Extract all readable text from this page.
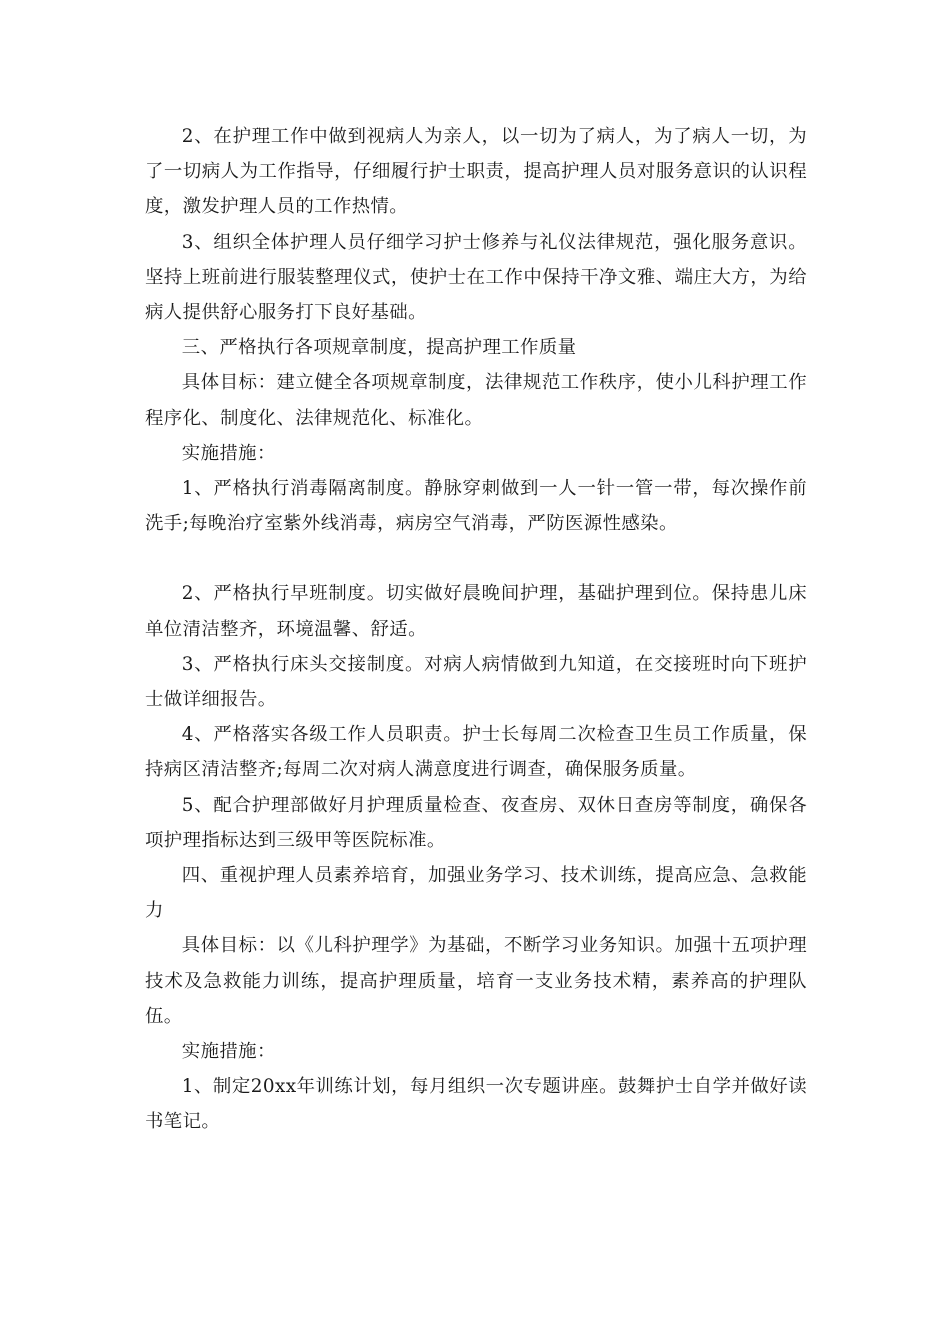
2、在护理工作中做到视病人为亲人，以一切为了病人，为了病人一切，为了一切病人为工作指导，仔细履行护士职责，提高护理人员对服务意识的认识程度，激发护理人员的工作热情。

3、组织全体护理人员仔细学习护士修养与礼仪法律规范，强化服务意识。坚持上班前进行服装整理仪式，使护士在工作中保持干净文雅、端庄大方，为给病人提供舒心服务打下良好基础。

三、严格执行各项规章制度，提高护理工作质量

具体目标：建立健全各项规章制度，法律规范工作秩序，使小儿科护理工作程序化、制度化、法律规范化、标准化。

实施措施：

1、严格执行消毒隔离制度。静脉穿刺做到一人一针一管一带，每次操作前洗手;每晚治疗室紫外线消毒，病房空气消毒，严防医源性感染。

2、严格执行早班制度。切实做好晨晚间护理，基础护理到位。保持患儿床单位清洁整齐，环境温馨、舒适。

3、严格执行床头交接制度。对病人病情做到九知道，在交接班时向下班护士做详细报告。

4、严格落实各级工作人员职责。护士长每周二次检查卫生员工作质量，保持病区清洁整齐;每周二次对病人满意度进行调查，确保服务质量。

5、配合护理部做好月护理质量检查、夜查房、双休日查房等制度，确保各项护理指标达到三级甲等医院标准。

四、重视护理人员素养培育，加强业务学习、技术训练，提高应急、急救能力

具体目标：以《儿科护理学》为基础，不断学习业务知识。加强十五项护理技术及急救能力训练，提高护理质量，培育一支业务技术精，素养高的护理队伍。

实施措施：

1、制定20xx年训练计划，每月组织一次专题讲座。鼓舞护士自学并做好读书笔记。
